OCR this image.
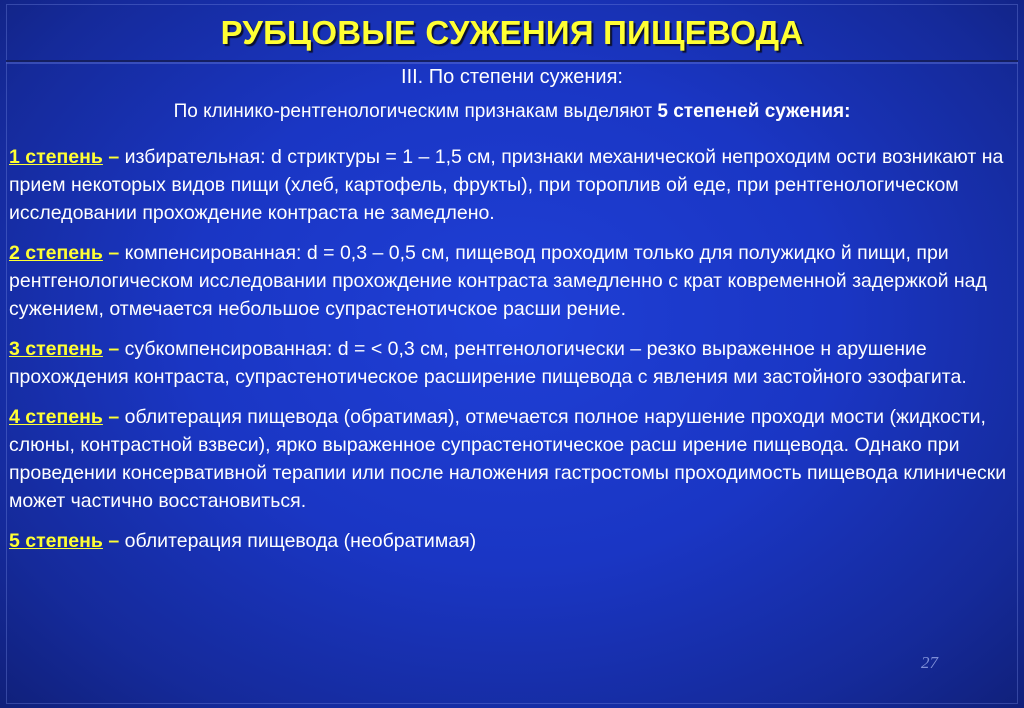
РУБЦОВЫЕ СУЖЕНИЯ ПИЩЕВОДА
III. По степени сужения:
По клинико-рентгенологическим признакам выделяют 5 степеней сужения:

1 степень – избирательная: d стриктуры = 1 – 1,5 см, признаки механической непроходим ости возникают на прием некоторых видов пищи (хлеб, картофель, фрукты), при тороплив ой еде, при рентгенологическом исследовании прохождение контраста не замедлено.

2 степень – компенсированная: d = 0,3 – 0,5 см, пищевод проходим только для полужидко й пищи, при рентгенологическом исследовании прохождение контраста замедленно с крат ковременной задержкой над сужением, отмечается небольшое супрастенотичское расши рение.

3 степень – субкомпенсированная: d = < 0,3 см, рентгенологически – резко выраженное н арушение прохождения контраста, супрастенотическое расширение пищевода с явления ми застойного эзофагита.

4 степень – облитерация пищевода (обратимая), отмечается полное нарушение проходи мости (жидкости, слюны, контрастной взвеси), ярко выраженное супрастенотическое расш ирение пищевода. Однако при проведении консервативной терапии или после наложения гастростомы проходимость пищевода клинически может частично восстановиться.

5 степень – облитерация пищевода (необратимая)

27
